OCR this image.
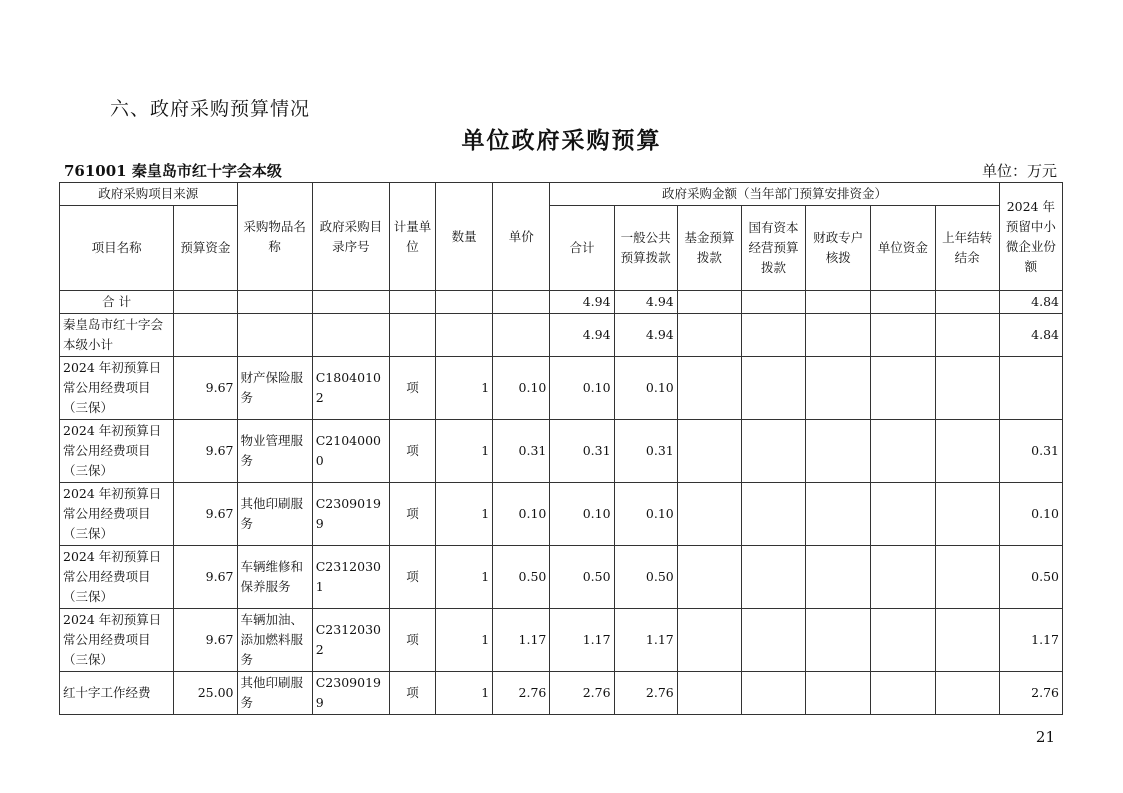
六、政府采购预算情况
单位政府采购预算
761001 秦皇岛市红十字会本级	单位：万元
政府采购项目来源		采购物品名称	政府采购目录序号	计量单位	数量	单价	政府采购金额（当年部门预算安排资金）							2024 年预留中小微企业份额
项目名称	预算资金						合计	一般公共预算拨款	基金预算拨款	国有资本经营预算拨款	财政专户核拨	单位资金	上年结转结余	
合 计							4.94	4.94						4.84
秦皇岛市红十字会本级小计							4.94	4.94						4.84
2024 年初预算日常公用经费项目（三保）	9.67	财产保险服务	C18040102	项	1	0.10	0.10	0.10						
2024 年初预算日常公用经费项目（三保）	9.67	物业管理服务	C21040000	项	1	0.31	0.31	0.31						0.31
2024 年初预算日常公用经费项目（三保）	9.67	其他印刷服务	C23090199	项	1	0.10	0.10	0.10						0.10
2024 年初预算日常公用经费项目（三保）	9.67	车辆维修和保养服务	C23120301	项	1	0.50	0.50	0.50						0.50
2024 年初预算日常公用经费项目（三保）	9.67	车辆加油、添加燃料服务	C23120302	项	1	1.17	1.17	1.17						1.17
红十字工作经费	25.00	其他印刷服务	C23090199	项	1	2.76	2.76	2.76						2.76
21
